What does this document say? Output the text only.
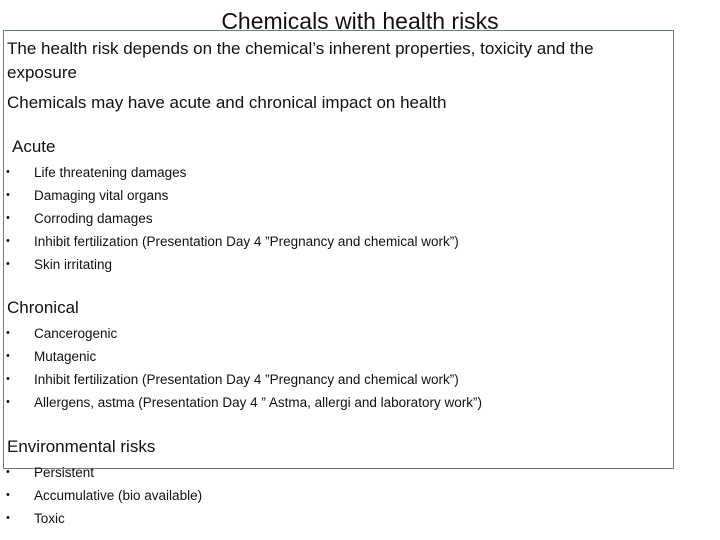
Chemicals with health risks

The health risk depends on the chemical’s inherent properties, toxicity and the exposure

Chemicals may have acute and chronical impact on health

Acute
• Life threatening damages
• Damaging vital organs
• Corroding damages
• Inhibit fertilization (Presentation Day 4 ”Pregnancy and chemical work”)
• Skin irritating
Chronical
• Cancerogenic
• Mutagenic
• Inhibit fertilization (Presentation Day 4 ”Pregnancy and chemical work”)
• Allergens, astma (Presentation Day 4 ” Astma, allergi and laboratory work”)
Environmental risks
• Persistent
• Accumulative (bio available)
• Toxic
